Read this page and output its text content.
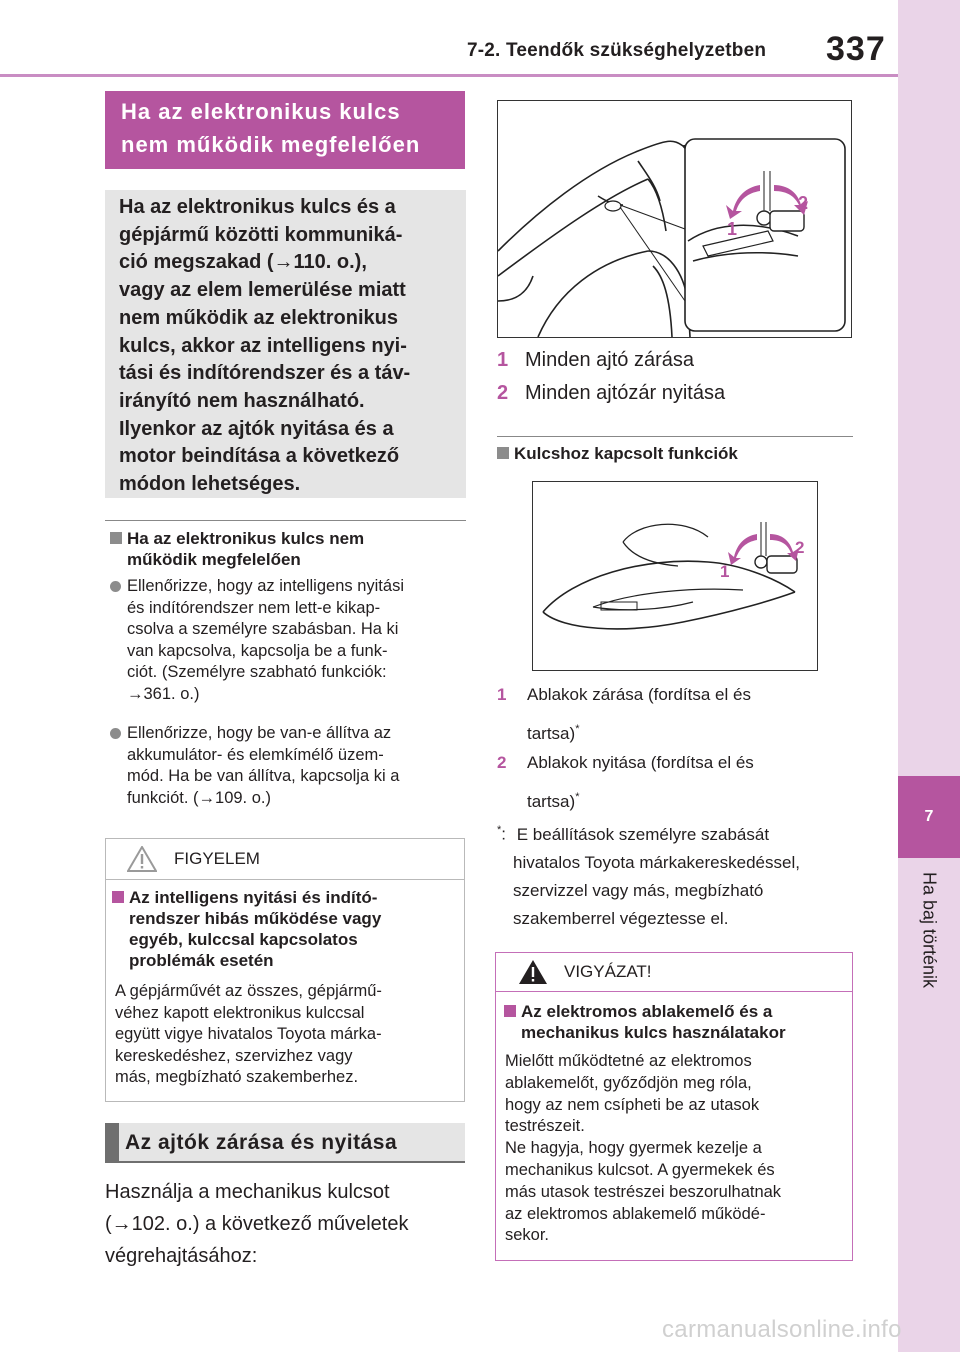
7-2. Teendők szükséghelyzetben 337
7
Ha baj történik
Ha az elektronikus kulcs
nem működik megfelelően
Ha az elektronikus kulcs és a
gépjármű közötti kommuniká-
ció megszakad (→110. o.),
vagy az elem lemerülése miatt
nem működik az elektronikus
kulcs, akkor az intelligens nyi-
tási és indítórendszer és a táv-
irányító nem használható.
Ilyenkor az ajtók nyitása és a
motor beindítása a következő
módon lehetséges.
Ha az elektronikus kulcs nem
működik megfelelően
Ellenőrizze, hogy az intelligens nyitási
és indítórendszer nem lett-e kikap-
csolva a személyre szabásban. Ha ki
van kapcsolva, kapcsolja be a funk-
ciót. (Személyre szabható funkciók:
→361. o.)
Ellenőrizze, hogy be van-e állítva az
akkumulátor- és elemkímélő üzem-
mód. Ha be van állítva, kapcsolja ki a
funkciót. (→109. o.)
FIGYELEM
Az intelligens nyitási és indító-
rendszer hibás működése vagy
egyéb, kulccsal kapcsolatos
problémák esetén
A gépjárművét az összes, gépjármű-
véhez kapott elektronikus kulccsal
együtt vigye hivatalos Toyota márka-
kereskedéshez, szervizhez vagy
más, megbízható szakemberhez.
Az ajtók zárása és nyitása
Használja a mechanikus kulcsot
(→102. o.) a következő műveletek
végrehajtásához:
1
2
1 Minden ajtó zárása
2 Minden ajtózár nyitása
Kulcshoz kapcsolt funkciók
1
2
1 Ablakok zárása (fordítsa el és
tartsa)*
2 Ablakok nyitása (fordítsa el és
tartsa)*
*: E beállítások személyre szabását
hivatalos Toyota márkakereskedéssel,
szervizzel vagy más, megbízható
szakemberrel végeztesse el.
VIGYÁZAT!
Az elektromos ablakemelő és a
mechanikus kulcs használatakor
Mielőtt működtetné az elektromos
ablakemelőt, győződjön meg róla,
hogy az nem csípheti be az utasok
testrészeit.
Ne hagyja, hogy gyermek kezelje a
mechanikus kulcsot. A gyermekek és
más utasok testrészei beszorulhatnak
az elektromos ablakemelő működé-
sekor.
carmanualsonline.info
